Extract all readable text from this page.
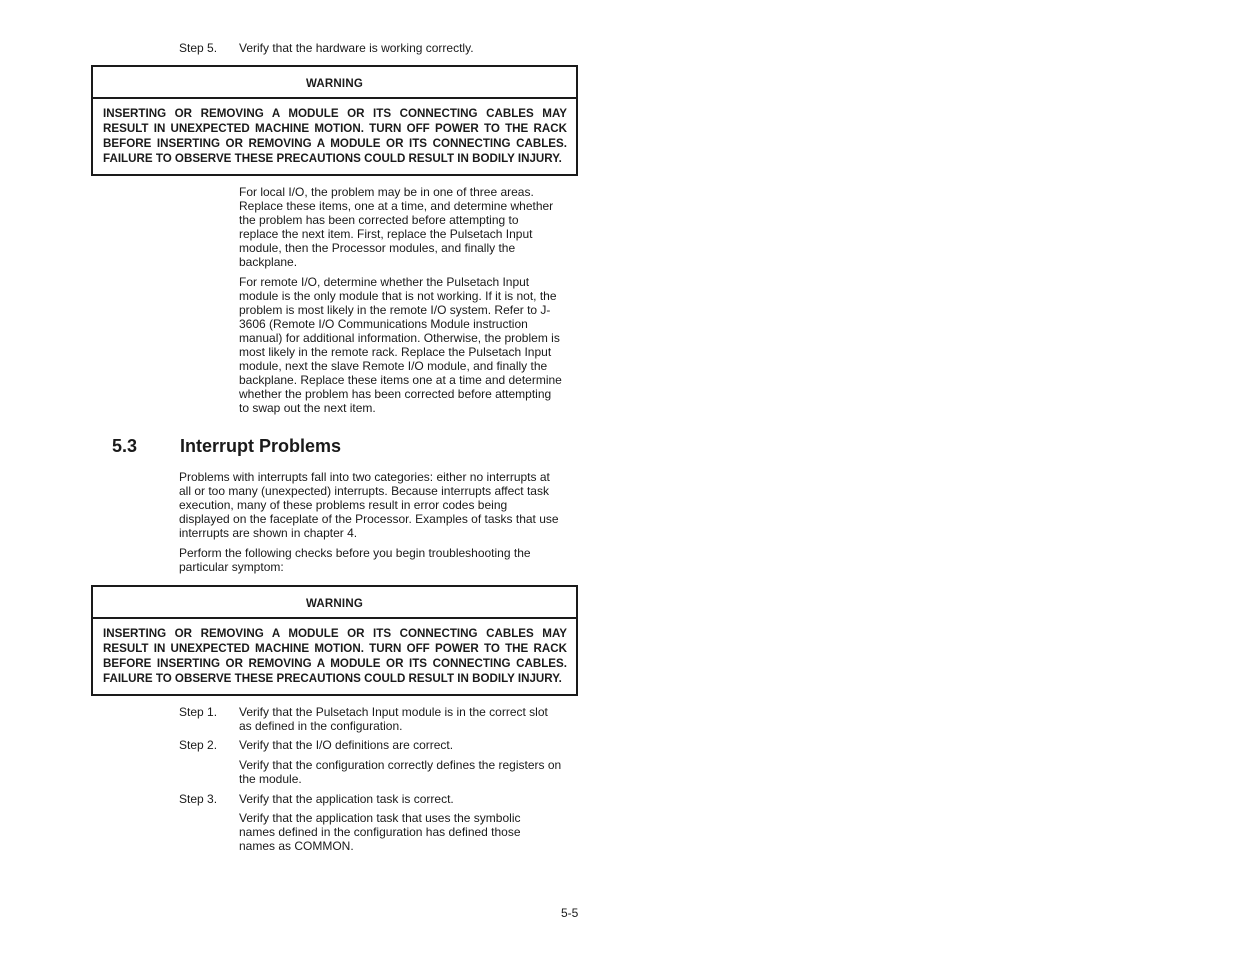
Step 5. Verify that the hardware is working correctly.
WARNING
INSERTING OR REMOVING A MODULE OR ITS CONNECTING CABLES MAY RESULT IN UNEXPECTED MACHINE MOTION. TURN OFF POWER TO THE RACK BEFORE INSERTING OR REMOVING A MODULE OR ITS CONNECTING CABLES. FAILURE TO OBSERVE THESE PRECAUTIONS COULD RESULT IN BODILY INJURY.
For local I/O, the problem may be in one of three areas. Replace these items, one at a time, and determine whether the problem has been corrected before attempting to replace the next item. First, replace the Pulsetach Input module, then the Processor modules, and finally the backplane.
For remote I/O, determine whether the Pulsetach Input module is the only module that is not working. If it is not, the problem is most likely in the remote I/O system. Refer to J-3606 (Remote I/O Communications Module instruction manual) for additional information. Otherwise, the problem is most likely in the remote rack. Replace the Pulsetach Input module, next the slave Remote I/O module, and finally the backplane. Replace these items one at a time and determine whether the problem has been corrected before attempting to swap out the next item.
5.3 Interrupt Problems
Problems with interrupts fall into two categories: either no interrupts at all or too many (unexpected) interrupts. Because interrupts affect task execution, many of these problems result in error codes being displayed on the faceplate of the Processor. Examples of tasks that use interrupts are shown in chapter 4.
Perform the following checks before you begin troubleshooting the particular symptom:
WARNING
INSERTING OR REMOVING A MODULE OR ITS CONNECTING CABLES MAY RESULT IN UNEXPECTED MACHINE MOTION. TURN OFF POWER TO THE RACK BEFORE INSERTING OR REMOVING A MODULE OR ITS CONNECTING CABLES. FAILURE TO OBSERVE THESE PRECAUTIONS COULD RESULT IN BODILY INJURY.
Step 1. Verify that the Pulsetach Input module is in the correct slot as defined in the configuration.
Step 2. Verify that the I/O definitions are correct.
Verify that the configuration correctly defines the registers on the module.
Step 3. Verify that the application task is correct.
Verify that the application task that uses the symbolic names defined in the configuration has defined those names as COMMON.
5-5
